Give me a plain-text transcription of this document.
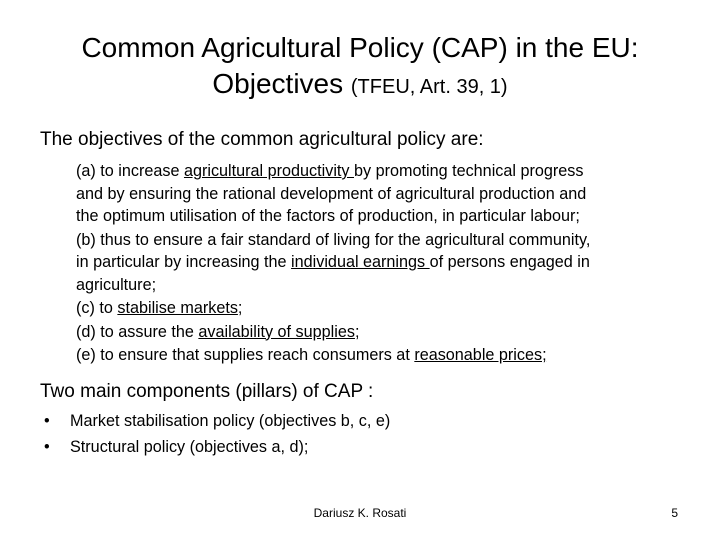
Common Agricultural Policy (CAP) in the EU:
Objectives (TFEU, Art. 39, 1)
The objectives of the common agricultural policy are:
(a) to increase agricultural productivity by promoting technical progress
and by ensuring the rational development of agricultural production and
the optimum utilisation of the factors of production, in particular labour;
(b) thus to ensure a fair standard of living for the agricultural community,
in particular by increasing the individual earnings of persons engaged in
agriculture;
(c) to stabilise markets;
(d) to assure the availability of supplies;
(e) to ensure that supplies reach consumers at reasonable prices;
Two main components (pillars) of CAP :
•	Market stabilisation policy (objectives b, c, e)
•	Structural policy (objectives a, d);
Dariusz K. Rosati	5
